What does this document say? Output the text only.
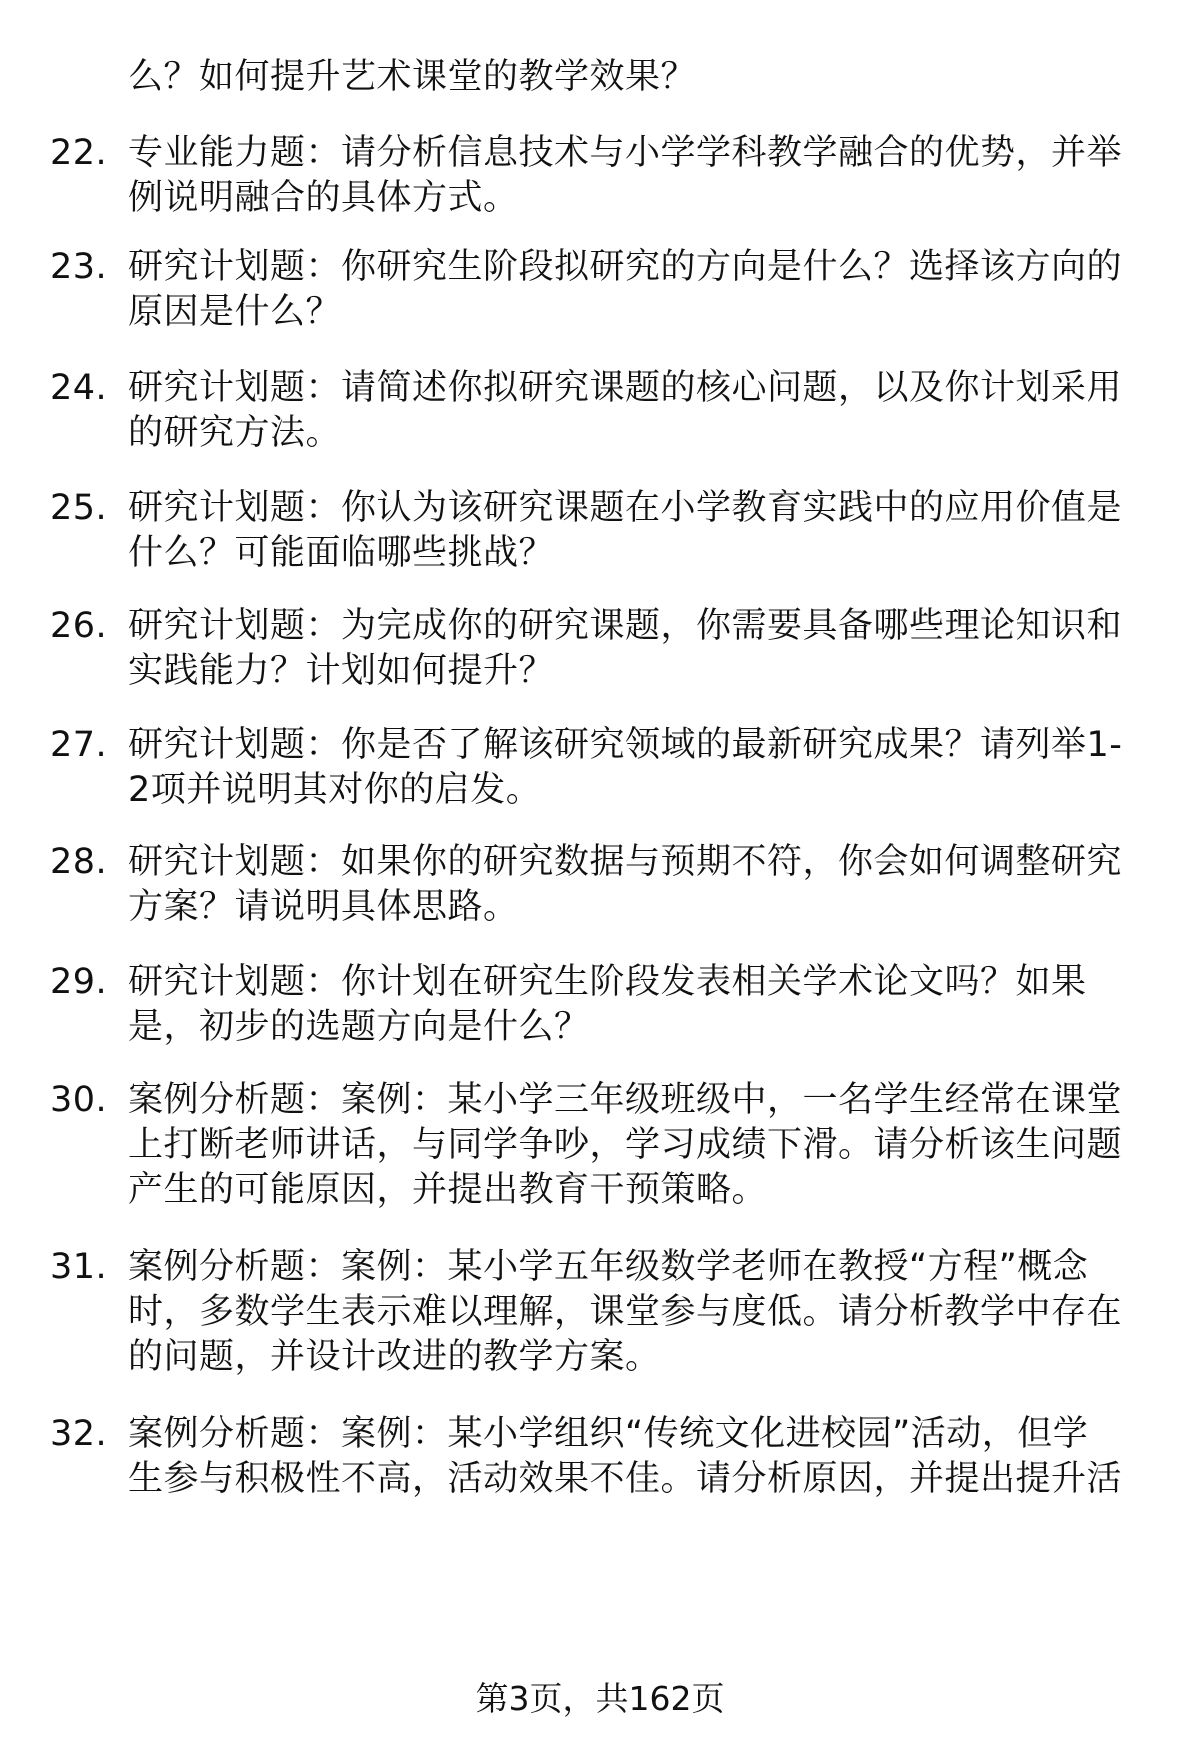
么？如何提升艺术课堂的教学效果？
22. 专业能力题：请分析信息技术与小学学科教学融合的优势，并举
例说明融合的具体方式。
23. 研究计划题：你研究生阶段拟研究的方向是什么？选择该方向的
原因是什么？
24. 研究计划题：请简述你拟研究课题的核心问题，以及你计划采用
的研究方法。
25. 研究计划题：你认为该研究课题在小学教育实践中的应用价值是
什么？可能面临哪些挑战？
26. 研究计划题：为完成你的研究课题，你需要具备哪些理论知识和
实践能力？计划如何提升？
27. 研究计划题：你是否了解该研究领域的最新研究成果？请列举1-
2项并说明其对你的启发。
28. 研究计划题：如果你的研究数据与预期不符，你会如何调整研究
方案？请说明具体思路。
29. 研究计划题：你计划在研究生阶段发表相关学术论文吗？如果
是，初步的选题方向是什么？
30. 案例分析题：案例：某小学三年级班级中，一名学生经常在课堂
上打断老师讲话，与同学争吵，学习成绩下滑。请分析该生问题
产生的可能原因，并提出教育干预策略。
31. 案例分析题：案例：某小学五年级数学老师在教授“方程”概念
时，多数学生表示难以理解，课堂参与度低。请分析教学中存在
的问题，并设计改进的教学方案。
32. 案例分析题：案例：某小学组织“传统文化进校园”活动，但学
生参与积极性不高，活动效果不佳。请分析原因，并提出提升活
第3页，共162页
